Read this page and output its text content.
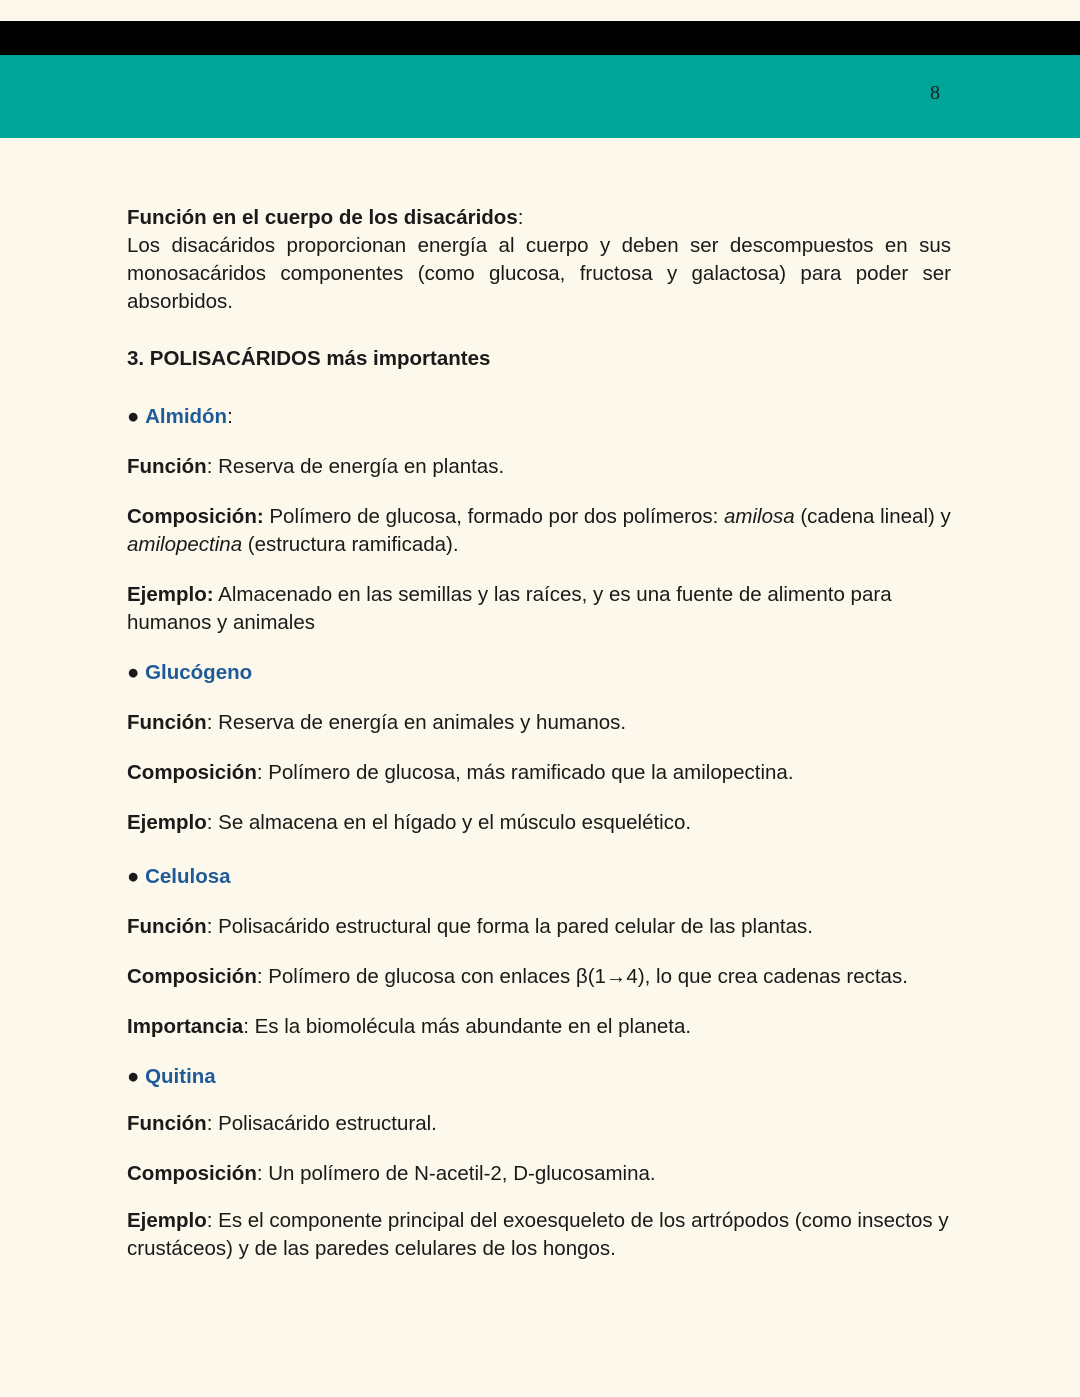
8

Función en el cuerpo de los disacáridos:

Los disacáridos proporcionan energía al cuerpo y deben ser descompuestos en sus monosacáridos componentes (como glucosa, fructosa y galactosa) para poder ser absorbidos.

3. POLISACÁRIDOS más importantes

● Almidón:

Función: Reserva de energía en plantas.

Composición: Polímero de glucosa, formado por dos polímeros: amilosa (cadena lineal) y amilopectina (estructura ramificada).

Ejemplo: Almacenado en las semillas y las raíces, y es una fuente de alimento para humanos y animales

● Glucógeno

Función: Reserva de energía en animales y humanos.

Composición: Polímero de glucosa, más ramificado que la amilopectina.

Ejemplo: Se almacena en el hígado y el músculo esquelético.

● Celulosa

Función: Polisacárido estructural que forma la pared celular de las plantas.

Composición: Polímero de glucosa con enlaces β(1→4), lo que crea cadenas rectas.

Importancia: Es la biomolécula más abundante en el planeta.

● Quitina

Función: Polisacárido estructural.

Composición: Un polímero de N-acetil-2, D-glucosamina.

Ejemplo: Es el componente principal del exoesqueleto de los artrópodos (como insectos y crustáceos) y de las paredes celulares de los hongos.
